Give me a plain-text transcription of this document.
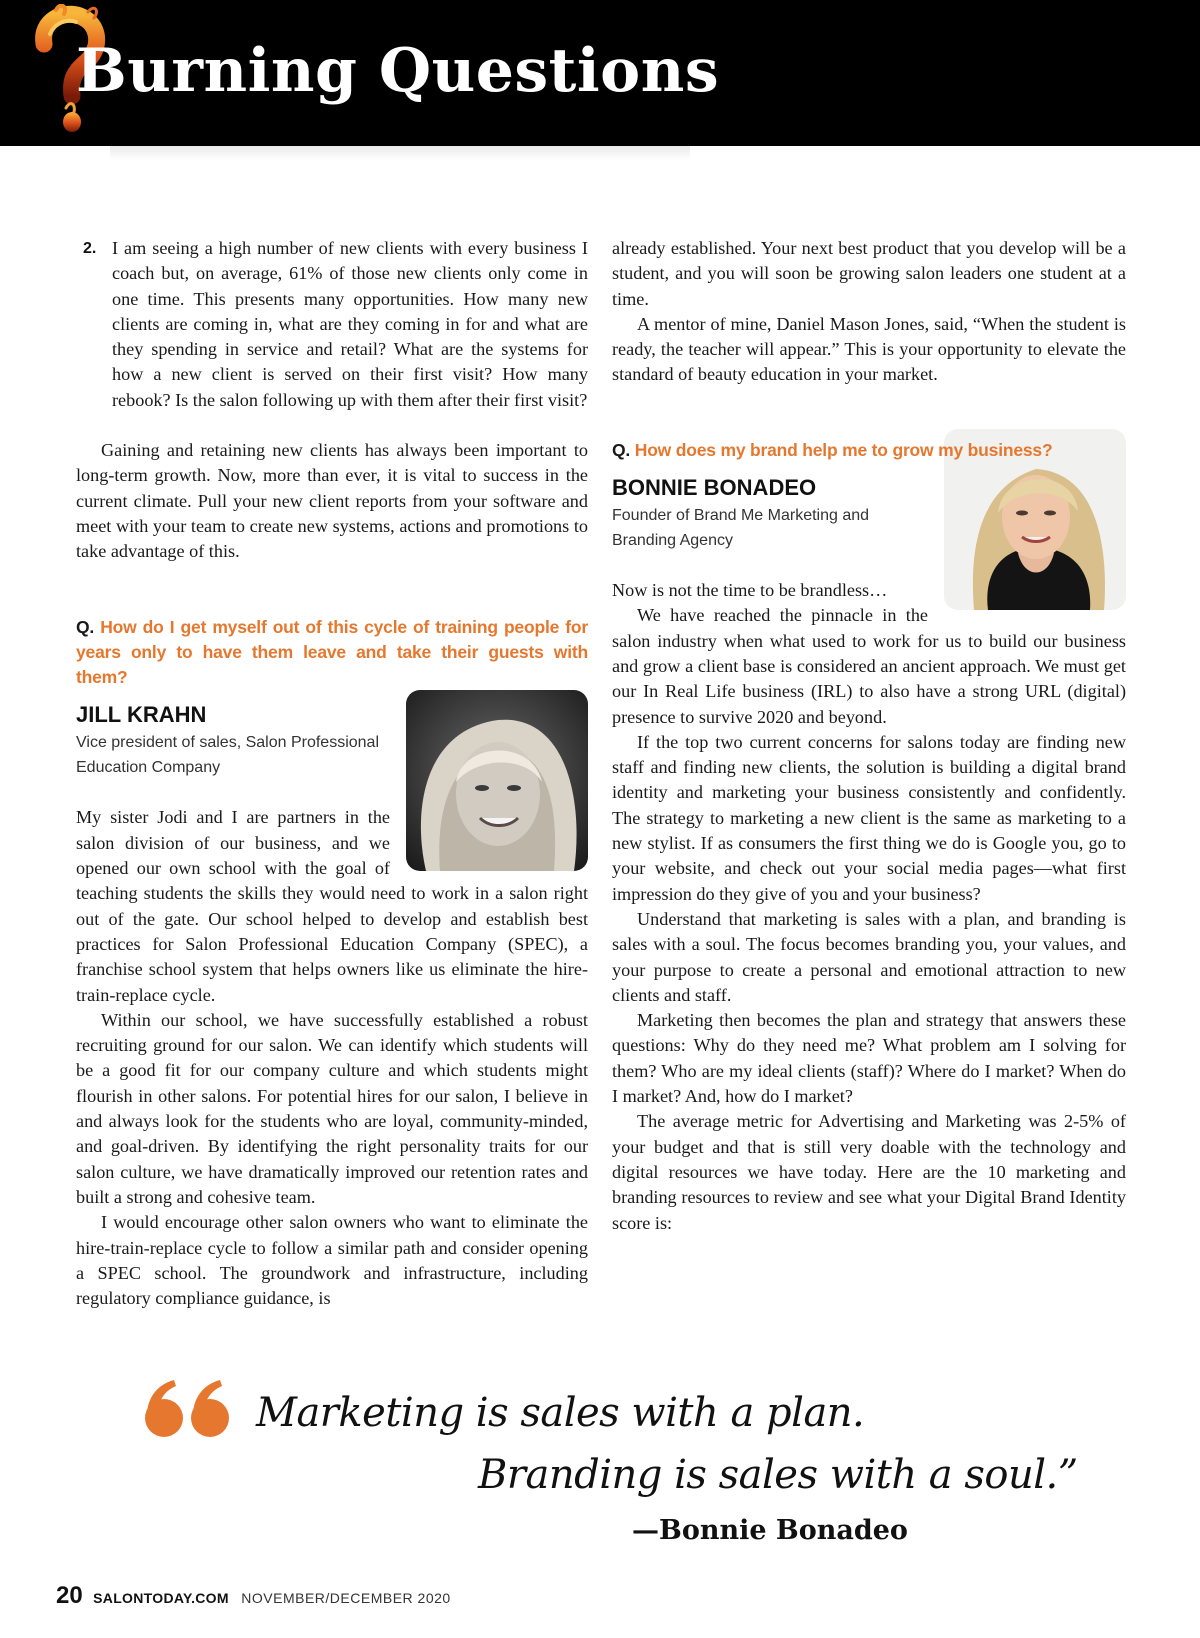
Burning Questions
2. I am seeing a high number of new clients with every business I coach but, on average, 61% of those new clients only come in one time. This presents many opportunities. How many new clients are coming in, what are they coming in for and what are they spending in service and retail? What are the systems for how a new client is served on their first visit? How many rebook? Is the salon following up with them after their first visit?

Gaining and retaining new clients has always been important to long-term growth. Now, more than ever, it is vital to success in the current climate. Pull your new client reports from your software and meet with your team to create new systems, actions and promotions to take advantage of this.

Q. How do I get myself out of this cycle of training people for years only to have them leave and take their guests with them?

JILL KRAHN
Vice president of sales, Salon Professional Education Company

My sister Jodi and I are partners in the salon division of our business, and we opened our own school with the goal of teaching students the skills they would need to work in a salon right out of the gate. Our school helped to develop and establish best practices for Salon Professional Education Company (SPEC), a franchise school system that helps owners like us eliminate the hire-train-replace cycle.

Within our school, we have successfully established a robust recruiting ground for our salon. We can identify which students will be a good fit for our company culture and which students might flourish in other salons. For potential hires for our salon, I believe in and always look for the students who are loyal, community-minded, and goal-driven. By identifying the right personality traits for our salon culture, we have dramatically improved our retention rates and built a strong and cohesive team.

I would encourage other salon owners who want to eliminate the hire-train-replace cycle to follow a similar path and consider opening a SPEC school. The groundwork and infrastructure, including regulatory compliance guidance, is

already established. Your next best product that you develop will be a student, and you will soon be growing salon leaders one student at a time.

A mentor of mine, Daniel Mason Jones, said, “When the student is ready, the teacher will appear.” This is your opportunity to elevate the standard of beauty education in your market.

Q. How does my brand help me to grow my business?

BONNIE BONADEO
Founder of Brand Me Marketing and Branding Agency

Now is not the time to be brandless…

We have reached the pinnacle in the salon industry when what used to work for us to build our business and grow a client base is considered an ancient approach. We must get our In Real Life business (IRL) to also have a strong URL (digital) presence to survive 2020 and beyond.

If the top two current concerns for salons today are finding new staff and finding new clients, the solution is building a digital brand identity and marketing your business consistently and confidently. The strategy to marketing a new client is the same as marketing to a new stylist. If as consumers the first thing we do is Google you, go to your website, and check out your social media pages—what first impression do they give of you and your business?

Understand that marketing is sales with a plan, and branding is sales with a soul. The focus becomes branding you, your values, and your purpose to create a personal and emotional attraction to new clients and staff.

Marketing then becomes the plan and strategy that answers these questions: Why do they need me? What problem am I solving for them? Who are my ideal clients (staff)? Where do I market? When do I market? And, how do I market?

The average metric for Advertising and Marketing was 2-5% of your budget and that is still very doable with the technology and digital resources we have today. Here are the 10 marketing and branding resources to review and see what your Digital Brand Identity score is:

Marketing is sales with a plan.
Branding is sales with a soul.”
—Bonnie Bonadeo
20 SALONTODAY.COM NOVEMBER/DECEMBER 2020
